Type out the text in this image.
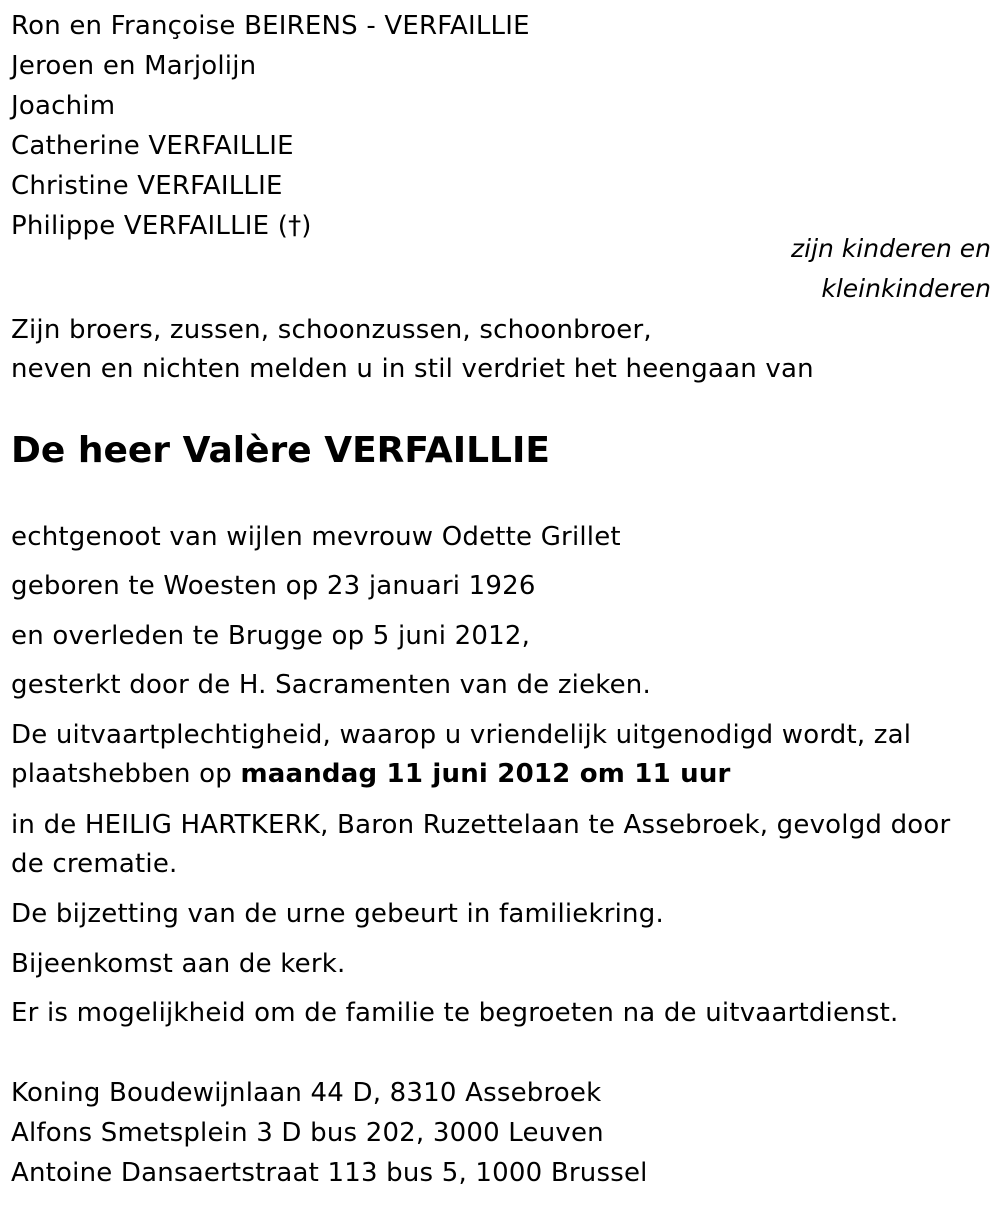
Ron en Françoise BEIRENS - VERFAILLIE
Jeroen en Marjolijn
Joachim
Catherine VERFAILLIE
Christine VERFAILLIE
Philippe VERFAILLIE (†)
zijn kinderen en
kleinkinderen
Zijn broers, zussen, schoonzussen, schoonbroer,
neven en nichten melden u in stil verdriet het heengaan van
De heer Valère VERFAILLIE
echtgenoot van wijlen mevrouw Odette Grillet
geboren te Woesten op 23 januari 1926
en overleden te Brugge op 5 juni 2012,
gesterkt door de H. Sacramenten van de zieken.
De uitvaartplechtigheid, waarop u vriendelijk uitgenodigd wordt, zal
plaatshebben op maandag 11 juni 2012 om 11 uur
in de HEILIG HARTKERK, Baron Ruzettelaan te Assebroek, gevolgd door
de crematie.
De bijzetting van de urne gebeurt in familiekring.
Bijeenkomst aan de kerk.
Er is mogelijkheid om de familie te begroeten na de uitvaartdienst.
Koning Boudewijnlaan 44 D, 8310 Assebroek
Alfons Smetsplein 3 D bus 202, 3000 Leuven
Antoine Dansaertstraat 113 bus 5, 1000 Brussel
